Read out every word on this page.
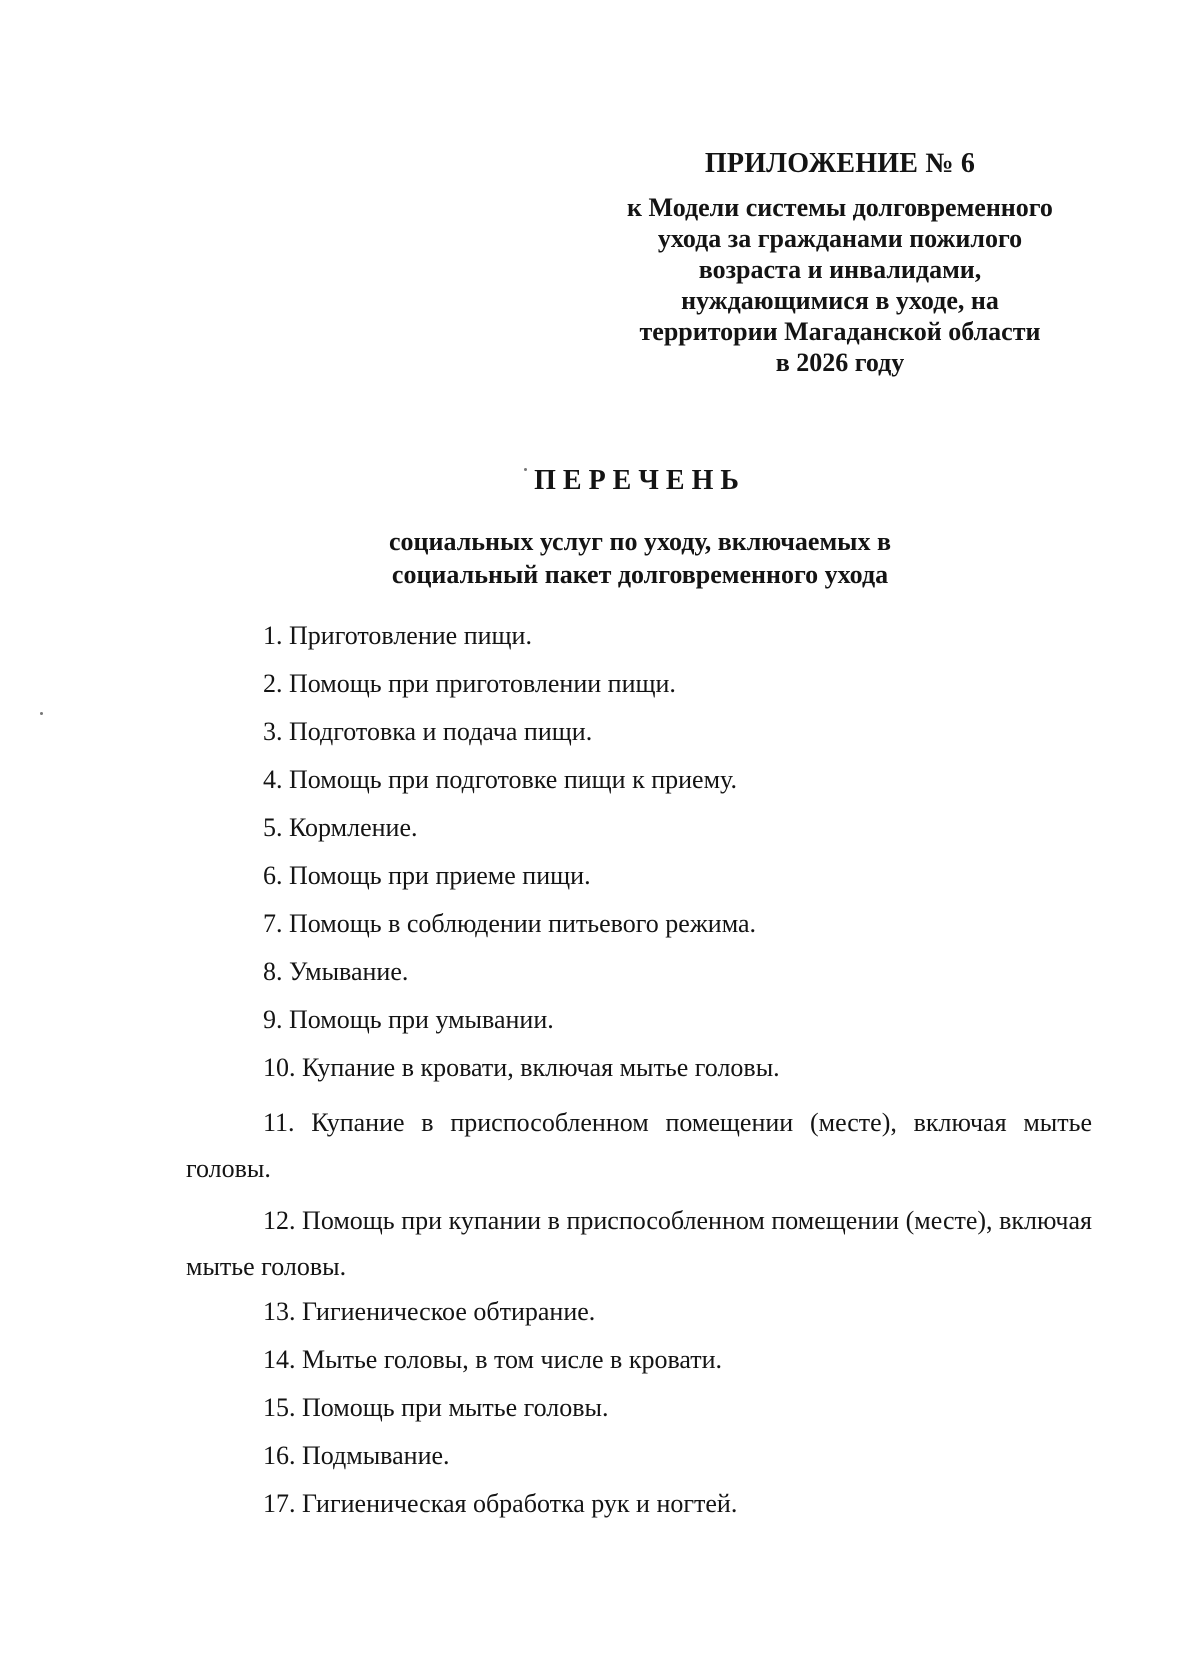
ПРИЛОЖЕНИЕ № 6

к Модели системы долговременного

ухода за гражданами пожилого

возраста и инвалидами,

нуждающимися в уходе, на

территории Магаданской области

в 2026 году

ПЕРЕЧЕНЬ

социальных услуг по уходу, включаемых в

социальный пакет долговременного ухода

1. Приготовление пищи.

2. Помощь при приготовлении пищи.

3. Подготовка и подача пищи.

4. Помощь при подготовке пищи к приему.

5. Кормление.

6. Помощь при приеме пищи.

7. Помощь в соблюдении питьевого режима.

8. Умывание.

9. Помощь при умывании.

10. Купание в кровати, включая мытье головы.

11. Купание в приспособленном помещении (месте), включая мытье головы.

12. Помощь при купании в приспособленном помещении (месте), включая мытье головы.

13. Гигиеническое обтирание.

14. Мытье головы, в том числе в кровати.

15. Помощь при мытье головы.

16. Подмывание.

17. Гигиеническая обработка рук и ногтей.
